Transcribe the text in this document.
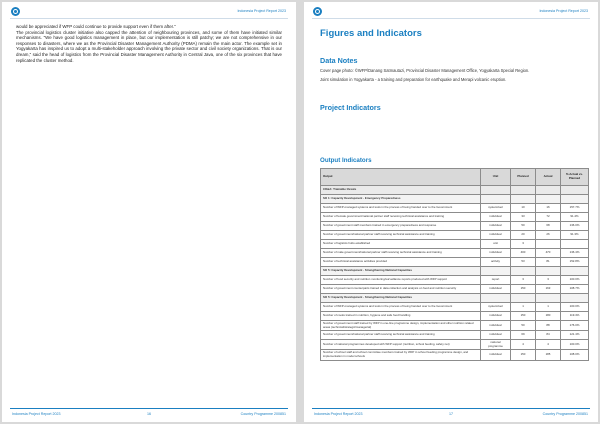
Indonesia Project Report 2023

would be appreciated if WFP could continue to provide support even if them after."

The provincial logistics cluster initiative also capped the attention of neighbouring provinces, and some of them have initiated similar mechanisms. "We have good logistics management in place, but our implementation is still patchy; we are not comprehensive in our responses to disasters, where we as the Provincial Disaster Management Authority (PDMA) remain the main actor. The example set in Yogyakarta has inspired us to adopt a multi-stakeholder approach involving the private sector and civil society organizations. That is our dream," said the head of logistics from the Provincial Disaster Management Authority in Central Java, one of the six provinces that have replicated the cluster method.

Indonesia Project Report 2023	16	Country Programme 200851
Indonesia Project Report 2023
Figures and Indicators
Data Notes

Cover page photo: ©WFP/Danang Satmautazi, Provincial Disaster Management Office, Yogyakarta Special Region.

Joint simulation in Yogyakarta - a training and preparation for earthquake and Merapi volcanic eruption.

Project Indicators
Output Indicators
Output	Unit	Planned	Actual	% Actual vs. Planned
CD&A: Trainable threats				
SO 1: Capacity Development - Emergency Preparedness				
Number of WFP-managed systems and tools in the process of being handed over to the Government	system/tool	10	16	157.7%
Number of female government/national partner staff receiving technical assistance and training	individual	33	72	91.4%
Number of government staff members trained in emergency preparedness and response	individual	50	68	136.0%
Number of government/national partner staff receiving technical assistance and training	individual	20	26	91.3%
Number of logistics hubs established	unit	3		
Number of male government/national partner staff receiving technical assistance and training	individual	400	470	136.4%
Number of technical assistance activities provided	activity	53	81	152.8%
SO 5: Capacity Development - Strengthening National Capacities				
Number of food security and nutrition monitoring/surveillance reports produced with WFP support	report	3	3	100.0%
Number of government counterparts trained in data collection and analysis on food and nutrition security	individual	150	163	108.7%
SO 5: Capacity Development - Strengthening National Capacities				
Number of WFP-managed systems and tools in the process of being handed over to the Government	system/tool	1	1	100.0%
Number of cooks trained in nutrition, hygiene and safe food handling	individual	150	180	119.4%
Number of government staff trained by WFP in one-line programme design, implementation and other nutrition related areas (technical/strategic/managerial)	individual	50	88	176.0%
Number of government/national partner staff receiving technical assistance and training	individual	69	84	121.4%
Number of national programmes developed with WFP support (nutrition, school feeding, safety net)	national programme	4	4	100.0%
Number of school staff and school committee members trained by WFP in school feeding programme design, and implementation in model schools	individual	150	185	108.0%
Indonesia Project Report 2023	17	Country Programme 200851
